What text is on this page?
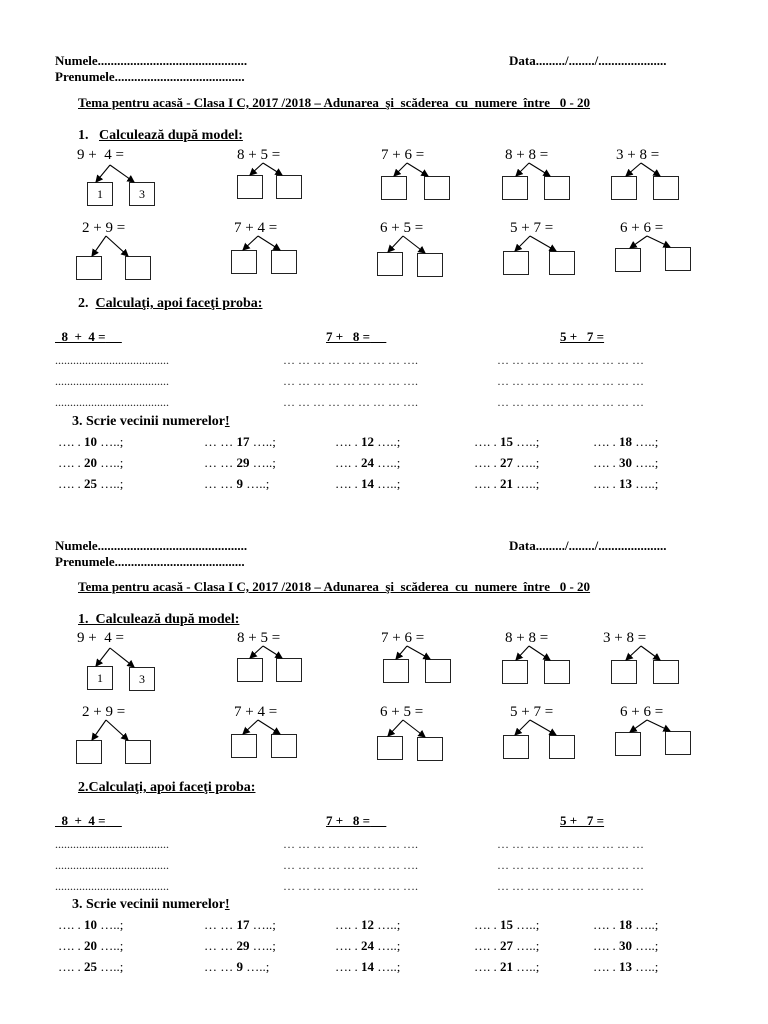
Numele..............................................	Data........./......../.....................
Prenumele........................................
Tema pentru acasă - Clasa I C, 2017 /2018 – Adunarea  şi  scăderea  cu  numere  între   0 - 20
1. Calculează după model:
9 +  4 =	8 + 5 =	7 + 6 =	8 + 8 =	3 + 8 =
1	3
2 + 9 =	7 + 4 =	6 + 5 =	5 + 7 =	6 + 6 =
2. Calculaţi, apoi faceţi proba:
8  +  4 =	7 +   8 =	5 +   7 =
......................................	… … … … … … … … ….	… … … … … … … … … …
......................................	… … … … … … … … ….	… … … … … … … … … …
......................................	… … … … … … … … ….	… … … … … … … … … …
3. Scrie vecinii numerelor!
…. . 10 …..;	… … 17 …..;	…. . 12 …..;	…. . 15 …..;	…. . 18 …..;
…. . 20 …..;	… … 29 …..;	…. . 24 …..;	…. . 27 …..;	…. . 30 …..;
…. . 25 …..;	… … 9 …..;	…. . 14 …..;	…. . 21 …..;	…. . 13 …..;
Numele..............................................	Data........./......../.....................
Prenumele........................................
Tema pentru acasă - Clasa I C, 2017 /2018 – Adunarea  şi  scăderea  cu  numere  între   0 - 20
1.  Calculează după model:
9 +  4 =	8 + 5 =	7 + 6 =	8 + 8 =	3 + 8 =
1	3
2 + 9 =	7 + 4 =	6 + 5 =	5 + 7 =	6 + 6 =
2.Calculaţi, apoi faceţi proba:
8  +  4 =	7 +   8 =	5 +   7 =
......................................	… … … … … … … … ….	… … … … … … … … … …
......................................	… … … … … … … … ….	… … … … … … … … … …
......................................	… … … … … … … … ….	… … … … … … … … … …
3. Scrie vecinii numerelor!
…. . 10 …..;	… … 17 …..;	…. . 12 …..;	…. . 15 …..;	…. . 18 …..;
…. . 20 …..;	… … 29 …..;	…. . 24 …..;	…. . 27 …..;	…. . 30 …..;
…. . 25 …..;	… … 9 …..;	…. . 14 …..;	…. . 21 …..;	…. . 13 …..;
